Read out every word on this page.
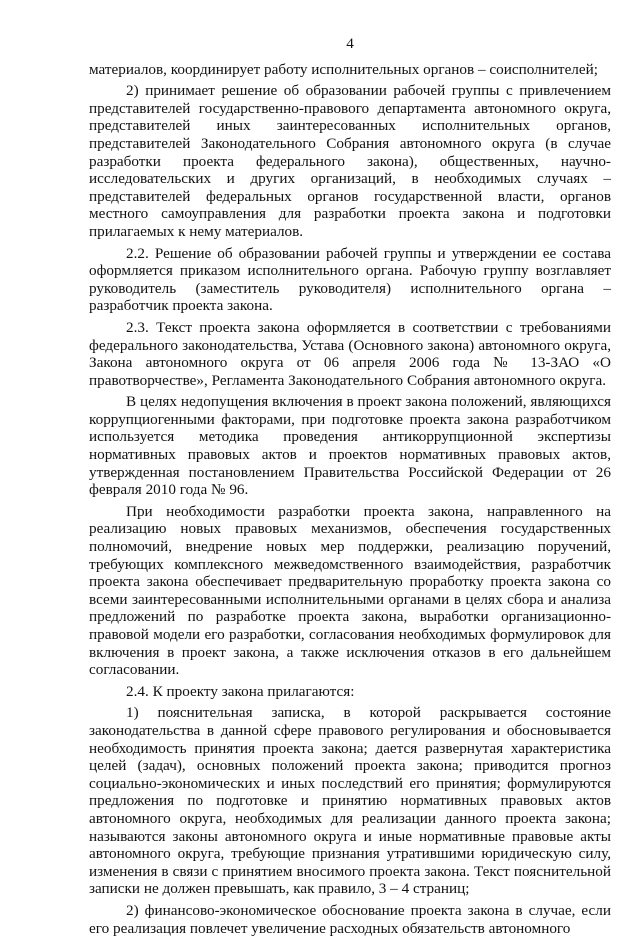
4

материалов, координирует работу исполнительных органов – соисполнителей;

2) принимает решение об образовании рабочей группы с привлечением представителей государственно-правового департамента автономного округа, представителей иных заинтересованных исполнительных органов, представителей Законодательного Собрания автономного округа (в случае разработки проекта федерального закона), общественных, научно-исследовательских и других организаций, в необходимых случаях – представителей федеральных органов государственной власти, органов местного самоуправления для разработки проекта закона и подготовки прилагаемых к нему материалов.

2.2. Решение об образовании рабочей группы и утверждении ее состава оформляется приказом исполнительного органа. Рабочую группу возглавляет руководитель (заместитель руководителя) исполнительного органа – разработчик проекта закона.

2.3. Текст проекта закона оформляется в соответствии с требованиями федерального законодательства, Устава (Основного закона) автономного округа, Закона автономного округа от 06 апреля 2006 года № 13-ЗАО «О правотворчестве», Регламента Законодательного Собрания автономного округа.

В целях недопущения включения в проект закона положений, являющихся коррупциогенными факторами, при подготовке проекта закона разработчиком используется методика проведения антикоррупционной экспертизы нормативных правовых актов и проектов нормативных правовых актов, утвержденная постановлением Правительства Российской Федерации от 26 февраля 2010 года № 96.

При необходимости разработки проекта закона, направленного на реализацию новых правовых механизмов, обеспечения государственных полномочий, внедрение новых мер поддержки, реализацию поручений, требующих комплексного межведомственного взаимодействия, разработчик проекта закона обеспечивает предварительную проработку проекта закона со всеми заинтересованными исполнительными органами в целях сбора и анализа предложений по разработке проекта закона, выработки организационно-правовой модели его разработки, согласования необходимых формулировок для включения в проект закона, а также исключения отказов в его дальнейшем согласовании.

2.4. К проекту закона прилагаются:

1) пояснительная записка, в которой раскрывается состояние законодательства в данной сфере правового регулирования и обосновывается необходимость принятия проекта закона; дается развернутая характеристика целей (задач), основных положений проекта закона; приводится прогноз социально-экономических и иных последствий его принятия; формулируются предложения по подготовке и принятию нормативных правовых актов автономного округа, необходимых для реализации данного проекта закона; называются законы автономного округа и иные нормативные правовые акты автономного округа, требующие признания утратившими юридическую силу, изменения в связи с принятием вносимого проекта закона. Текст пояснительной записки не должен превышать, как правило, 3 – 4 страниц;

2) финансово-экономическое обоснование проекта закона в случае, если его реализация повлечет увеличение расходных обязательств автономного
